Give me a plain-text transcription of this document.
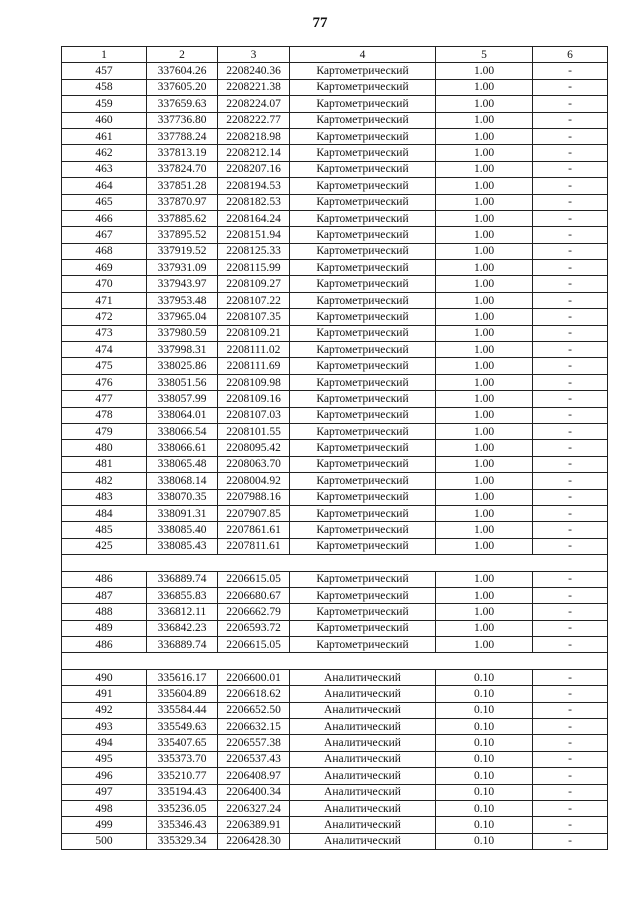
77
1	2	3	4	5	6
457	337604.26	2208240.36	Картометрический	1.00	-
458	337605.20	2208221.38	Картометрический	1.00	-
459	337659.63	2208224.07	Картометрический	1.00	-
460	337736.80	2208222.77	Картометрический	1.00	-
461	337788.24	2208218.98	Картометрический	1.00	-
462	337813.19	2208212.14	Картометрический	1.00	-
463	337824.70	2208207.16	Картометрический	1.00	-
464	337851.28	2208194.53	Картометрический	1.00	-
465	337870.97	2208182.53	Картометрический	1.00	-
466	337885.62	2208164.24	Картометрический	1.00	-
467	337895.52	2208151.94	Картометрический	1.00	-
468	337919.52	2208125.33	Картометрический	1.00	-
469	337931.09	2208115.99	Картометрический	1.00	-
470	337943.97	2208109.27	Картометрический	1.00	-
471	337953.48	2208107.22	Картометрический	1.00	-
472	337965.04	2208107.35	Картометрический	1.00	-
473	337980.59	2208109.21	Картометрический	1.00	-
474	337998.31	2208111.02	Картометрический	1.00	-
475	338025.86	2208111.69	Картометрический	1.00	-
476	338051.56	2208109.98	Картометрический	1.00	-
477	338057.99	2208109.16	Картометрический	1.00	-
478	338064.01	2208107.03	Картометрический	1.00	-
479	338066.54	2208101.55	Картометрический	1.00	-
480	338066.61	2208095.42	Картометрический	1.00	-
481	338065.48	2208063.70	Картометрический	1.00	-
482	338068.14	2208004.92	Картометрический	1.00	-
483	338070.35	2207988.16	Картометрический	1.00	-
484	338091.31	2207907.85	Картометрический	1.00	-
485	338085.40	2207861.61	Картометрический	1.00	-
425	338085.43	2207811.61	Картометрический	1.00	-

486	336889.74	2206615.05	Картометрический	1.00	-
487	336855.83	2206680.67	Картометрический	1.00	-
488	336812.11	2206662.79	Картометрический	1.00	-
489	336842.23	2206593.72	Картометрический	1.00	-
486	336889.74	2206615.05	Картометрический	1.00	-

490	335616.17	2206600.01	Аналитический	0.10	-
491	335604.89	2206618.62	Аналитический	0.10	-
492	335584.44	2206652.50	Аналитический	0.10	-
493	335549.63	2206632.15	Аналитический	0.10	-
494	335407.65	2206557.38	Аналитический	0.10	-
495	335373.70	2206537.43	Аналитический	0.10	-
496	335210.77	2206408.97	Аналитический	0.10	-
497	335194.43	2206400.34	Аналитический	0.10	-
498	335236.05	2206327.24	Аналитический	0.10	-
499	335346.43	2206389.91	Аналитический	0.10	-
500	335329.34	2206428.30	Аналитический	0.10	-
